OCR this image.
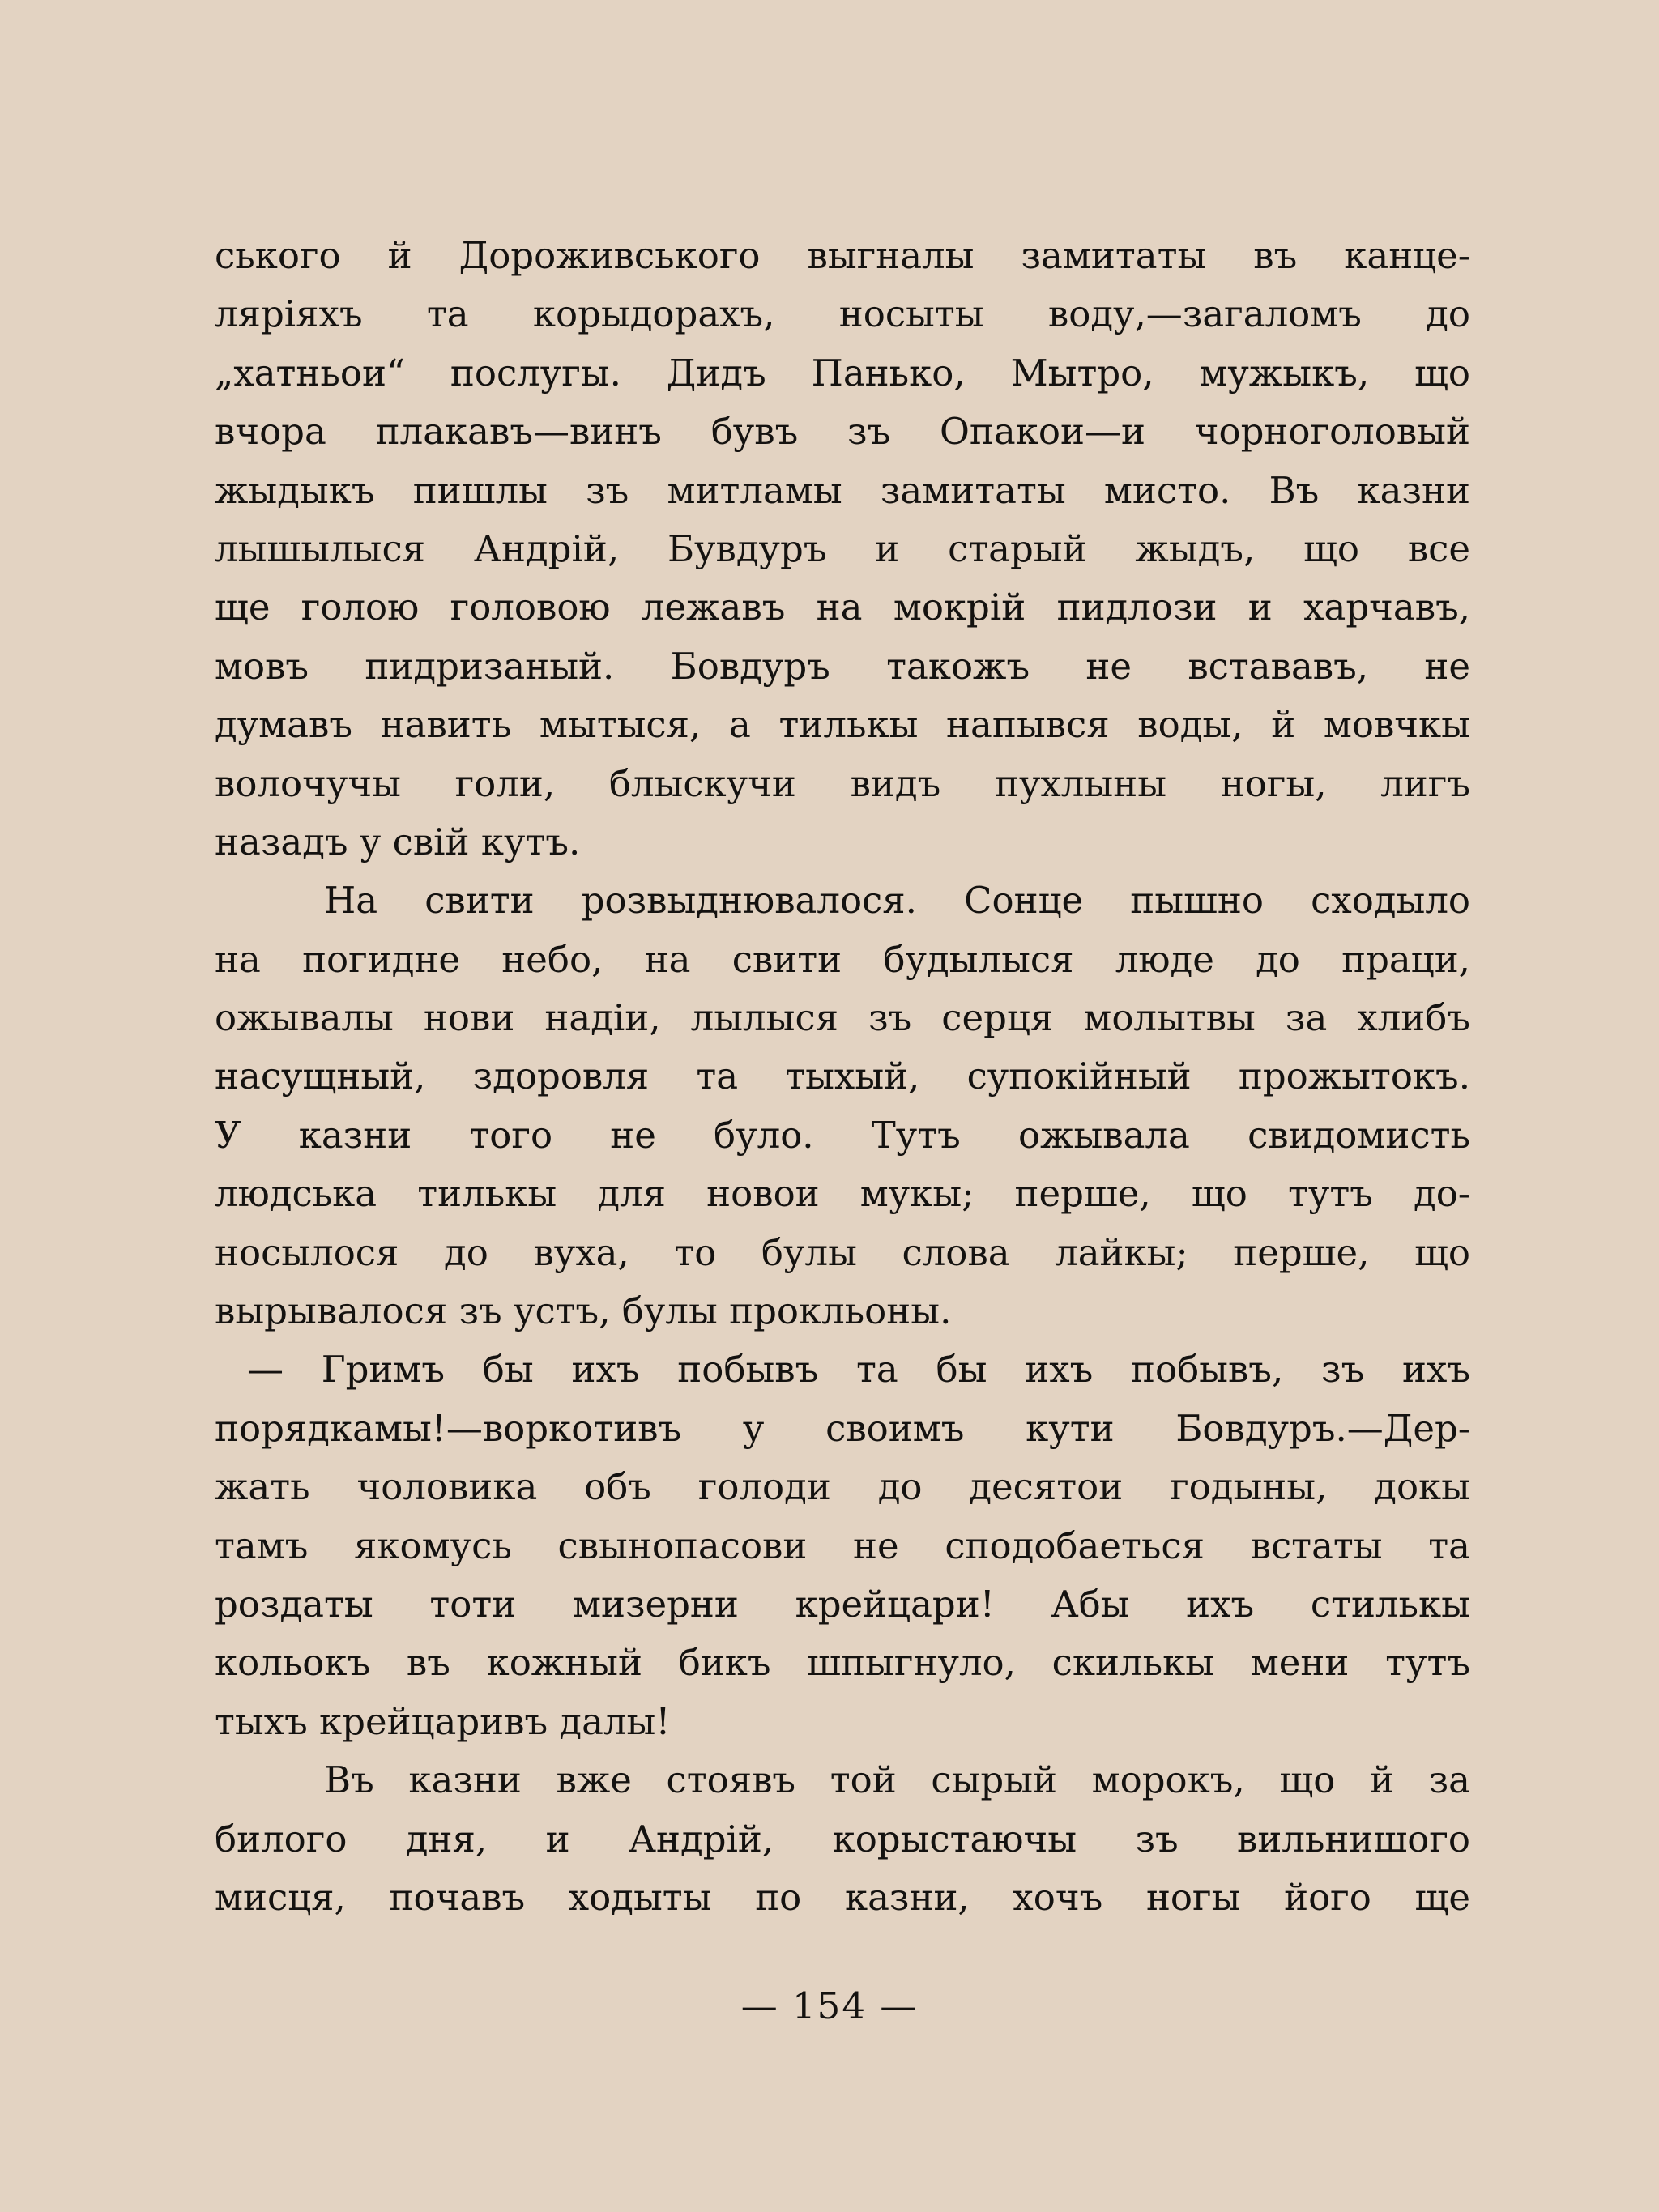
ського й Дороживського выгналы замитаты въ канце-
ляріяхъ та корыдорахъ, носыты воду,—загаломъ до
„хатньои“ послугы. Дидъ Панько, Мытро, мужыкъ, що
вчора плакавъ—винъ бувъ зъ Опакои—и чорноголовый
жыдыкъ пишлы зъ митламы замитаты мисто. Въ казни
лышылыся Андрій, Бувдуръ и старый жыдъ, що все
ще голою головою лежавъ на мокрій пидлози и харчавъ,
мовъ пидризаный. Бовдуръ такожъ не встававъ, не
думавъ навить мытыся, а тилькы напывся воды, й мовчкы
волочучы голи, блыскучи видъ пухлыны ногы, лигъ
назадъ у свій кутъ.
На свити розвыднювалося. Сонце пышно сходыло
на погидне небо, на свити будылыся люде до праци,
ожывалы нови надіи, лылыся зъ серця молытвы за хлибъ
насущный, здоровля та тыхый, супокійный прожытокъ.
У казни того не було. Тутъ ожывала свидомисть
людська тилькы для новои мукы; перше, що тутъ до-
носылося до вуха, то булы слова лайкы; перше, що
вырывалося зъ устъ, булы прокльоны.
— Гримъ бы ихъ побывъ та бы ихъ побывъ, зъ ихъ
порядкамы!—воркотивъ у своимъ кути Бовдуръ.—Дер-
жать чоловика объ голоди до десятои годыны, докы
тамъ якомусь свынопасови не сподобаеться встаты та
роздаты тоти мизерни крейцари! Абы ихъ стилькы
кольокъ въ кожный бикъ шпыгнуло, скилькы мени тутъ
тыхъ крейцаривъ далы!
Въ казни вже стоявъ той сырый морокъ, що й за
билого дня, и Андрій, корыстаючы зъ вильнишого
мисця, почавъ ходыты по казни, хочъ ногы його ще
— 154 —
